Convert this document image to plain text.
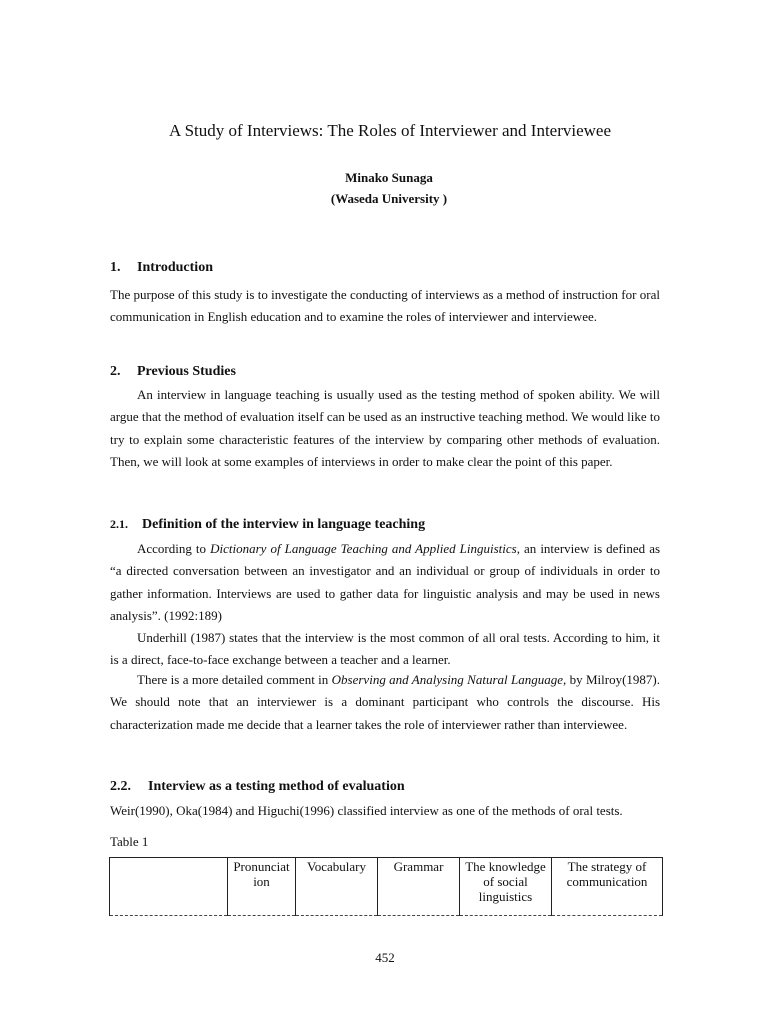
A Study of Interviews: The Roles of Interviewer and Interviewee
Minako Sunaga
(Waseda University )
1. Introduction

The purpose of this study is to investigate the conducting of interviews as a method of instruction for oral communication in English education and to examine the roles of interviewer and interviewee.

2. Previous Studies

An interview in language teaching is usually used as the testing method of spoken ability. We will argue that the method of evaluation itself can be used as an instructive teaching method. We would like to try to explain some characteristic features of the interview by comparing other methods of evaluation. Then, we will look at some examples of interviews in order to make clear the point of this paper.

2.1. Definition of the interview in language teaching

According to Dictionary of Language Teaching and Applied Linguistics, an interview is defined as “a directed conversation between an investigator and an individual or group of individuals in order to gather information. Interviews are used to gather data for linguistic analysis and may be used in news analysis”. (1992:189)

Underhill (1987) states that the interview is the most common of all oral tests. According to him, it is a direct, face-to-face exchange between a teacher and a learner.

There is a more detailed comment in Observing and Analysing Natural Language, by Milroy(1987). We should note that an interviewer is a dominant participant who controls the discourse. His characterization made me decide that a learner takes the role of interviewer rather than interviewee.

2.2. Interview as a testing method of evaluation

Weir(1990), Oka(1984) and Higuchi(1996) classified interview as one of the methods of oral tests.

Table 1
	Pronunciat ion	Vocabulary	Grammar	The knowledge of social linguistics	The strategy of communication
452
